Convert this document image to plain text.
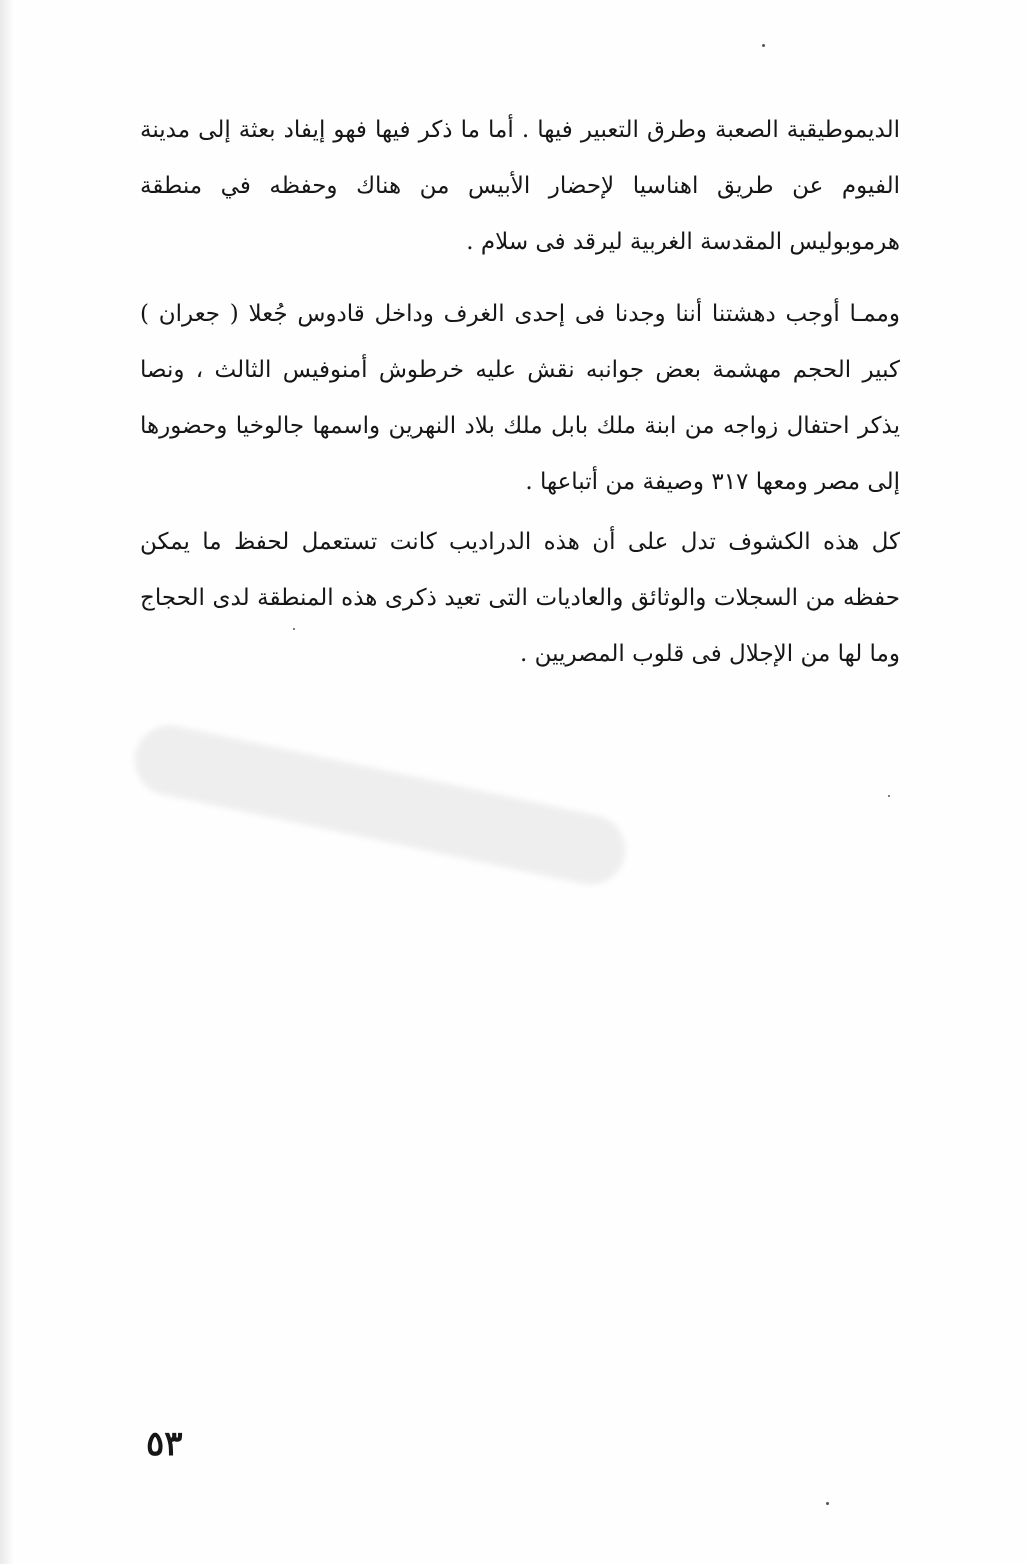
الديموطيقية الصعبة وطرق التعبير فيها . أما ما ذكر فيها فهو إيفاد بعثة إلى مدينة الفيوم عن طريق اهناسيا لإحضار الأبيس من هناك وحفظه في منطقة هرموبوليس المقدسة الغربية ليرقد فى سلام .

وممـا أوجب دهشتنا أننا وجدنا فى إحدى الغرف وداخل قادوس جُعلا ( جعران ) كبير الحجم مهشمة بعض جوانبه نقش عليه خرطوش أمنوفيس الثالث ، ونصا يذكر احتفال زواجه من ابنة ملك بابل ملك بلاد النهرين واسمها جالوخيا وحضورها إلى مصر ومعها ٣١٧ وصيفة من أتباعها .

كل هذه الكشوف تدل على أن هذه الدراديب كانت تستعمل لحفظ ما يمكن حفظه من السجلات والوثائق والعاديات التى تعيد ذكرى هذه المنطقة لدى الحجاج وما لها من الإجلال فى قلوب المصريين .

٥٣
